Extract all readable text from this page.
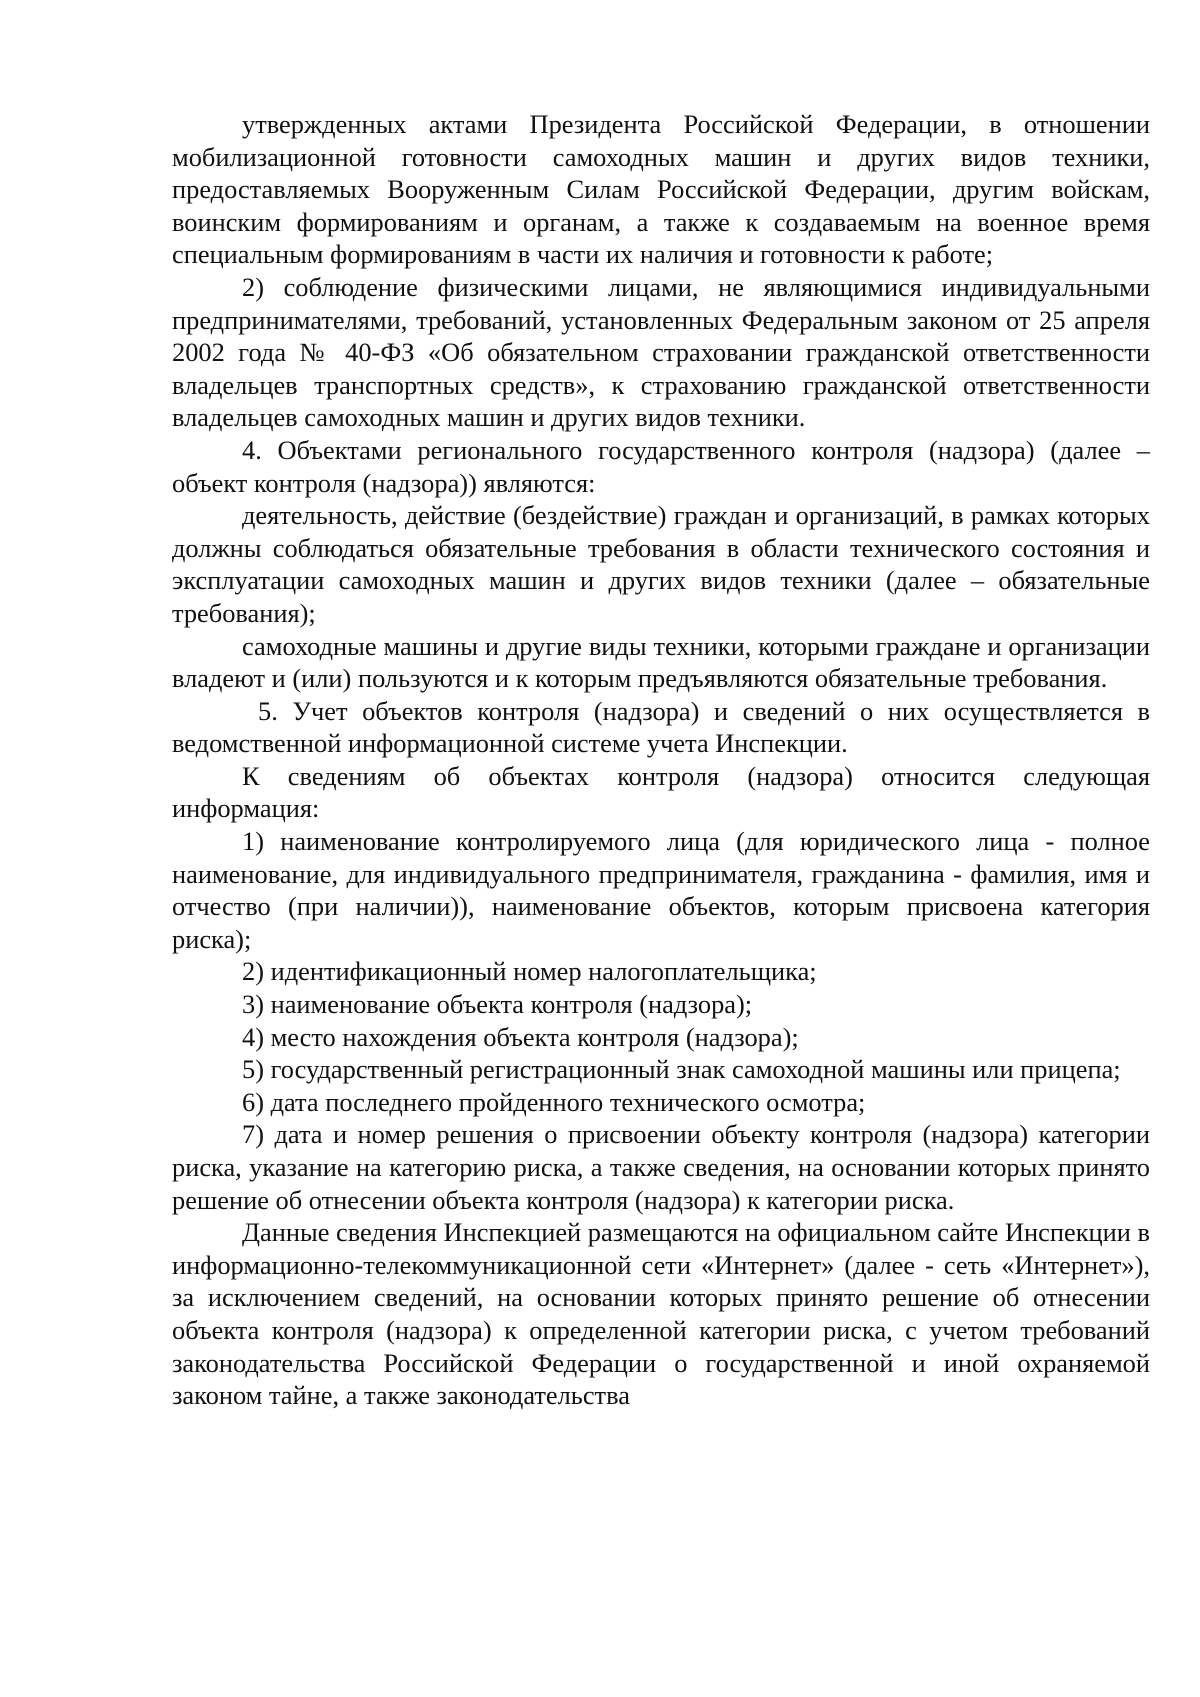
утвержденных актами Президента Российской Федерации, в отношении мобилизационной готовности самоходных машин и других видов техники, предоставляемых Вооруженным Силам Российской Федерации, другим войскам, воинским формированиям и органам, а также к создаваемым на военное время специальным формированиям в части их наличия и готовности к работе;

2) соблюдение физическими лицами, не являющимися индивидуальными предпринимателями, требований, установленных Федеральным законом от 25 апреля 2002 года № 40-ФЗ «Об обязательном страховании гражданской ответственности владельцев транспортных средств», к страхованию гражданской ответственности владельцев самоходных машин и других видов техники.

4. Объектами регионального государственного контроля (надзора) (далее – объект контроля (надзора)) являются:

деятельность, действие (бездействие) граждан и организаций, в рамках которых должны соблюдаться обязательные требования в области технического состояния и эксплуатации самоходных машин и других видов техники (далее – обязательные требования);

самоходные машины и другие виды техники, которыми граждане и организации владеют и (или) пользуются и к которым предъявляются обязательные требования.

5. Учет объектов контроля (надзора) и сведений о них осуществляется в ведомственной информационной системе учета Инспекции.

К сведениям об объектах контроля (надзора) относится следующая информация:

1) наименование контролируемого лица (для юридического лица - полное наименование, для индивидуального предпринимателя, гражданина - фамилия, имя и отчество (при наличии)), наименование объектов, которым присвоена категория риска);

2) идентификационный номер налогоплательщика;

3) наименование объекта контроля (надзора);

4) место нахождения объекта контроля (надзора);

5) государственный регистрационный знак самоходной машины или прицепа;

6) дата последнего пройденного технического осмотра;

7) дата и номер решения о присвоении объекту контроля (надзора) категории риска, указание на категорию риска, а также сведения, на основании которых принято решение об отнесении объекта контроля (надзора) к категории риска.

Данные сведения Инспекцией размещаются на официальном сайте Инспекции в информационно-телекоммуникационной сети «Интернет» (далее - сеть «Интернет»), за исключением сведений, на основании которых принято решение об отнесении объекта контроля (надзора) к определенной категории риска, с учетом требований законодательства Российской Федерации о государственной и иной охраняемой законом тайне, а также законодательства
